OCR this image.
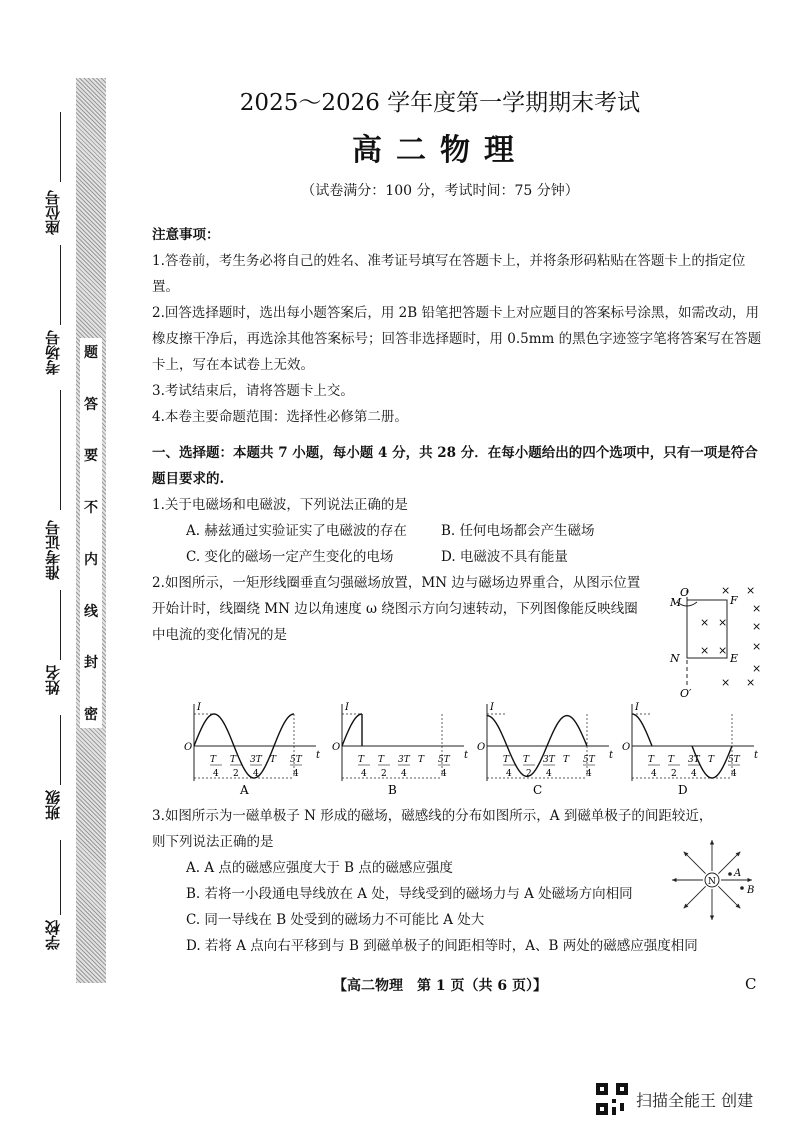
题
答
要
不
内
线
封
密
座位号
考场号
准考证号
姓名
班级
学校
2025～2026 学年度第一学期期末考试
高二物理
（试卷满分：100 分，考试时间：75 分钟）

注意事项：

1.答卷前，考生务必将自己的姓名、准考证号填写在答题卡上，并将条形码粘贴在答题卡上的指定位置。

2.回答选择题时，选出每小题答案后，用 2B 铅笔把答题卡上对应题目的答案标号涂黑，如需改动，用橡皮擦干净后，再选涂其他答案标号；回答非选择题时，用 0.5mm 的黑色字迹签字笔将答案写在答题卡上，写在本试卷上无效。

3.考试结束后，请将答题卡上交。

4.本卷主要命题范围：选择性必修第二册。

一、选择题：本题共 7 小题，每小题 4 分，共 28 分．在每小题给出的四个选项中，只有一项是符合题目要求的.

1.关于电磁场和电磁波，下列说法正确的是

A. 赫兹通过实验证实了电磁波的存在	B. 任何电场都会产生磁场
C. 变化的磁场一定产生变化的电场	D. 电磁波不具有能量

2.如图所示，一矩形线圈垂直匀强磁场放置，MN 边与磁场边界重合，从图示位置开始计时，线圈绕 MN 边以角速度 ω 绕图示方向匀速转动，下列图像能反映线圈中电流的变化情况的是

O
M
N
F
E
O′
× ×
× ×
×
×
× × ×
× ×
×
I
t
O
T
4
T
2
3T
4
T 5T
4
A
I
t
O
T
4
T
2
3T
4
T 5T
4
B
I
t
O
T
4
T
2
3T
4
T 5T
4
C
I
t
O
T
4
T
2
3T
4
T 5T
4
D

3.如图所示为一磁单极子 N 形成的磁场，磁感线的分布如图所示，A 到磁单极子的间距较近，则下列说法正确的是

A. A 点的磁感应强度大于 B 点的磁感应强度

B. 若将一小段通电导线放在 A 处，导线受到的磁场力与 A 处磁场方向相同

C. 同一导线在 B 处受到的磁场力不可能比 A 处大

D. 若将 A 点向右平移到与 B 到磁单极子的间距相等时，A、B 两处的磁感应强度相同

N
A
B
【高二物理　第 1 页（共 6 页）】	C
扫描全能王 创建
